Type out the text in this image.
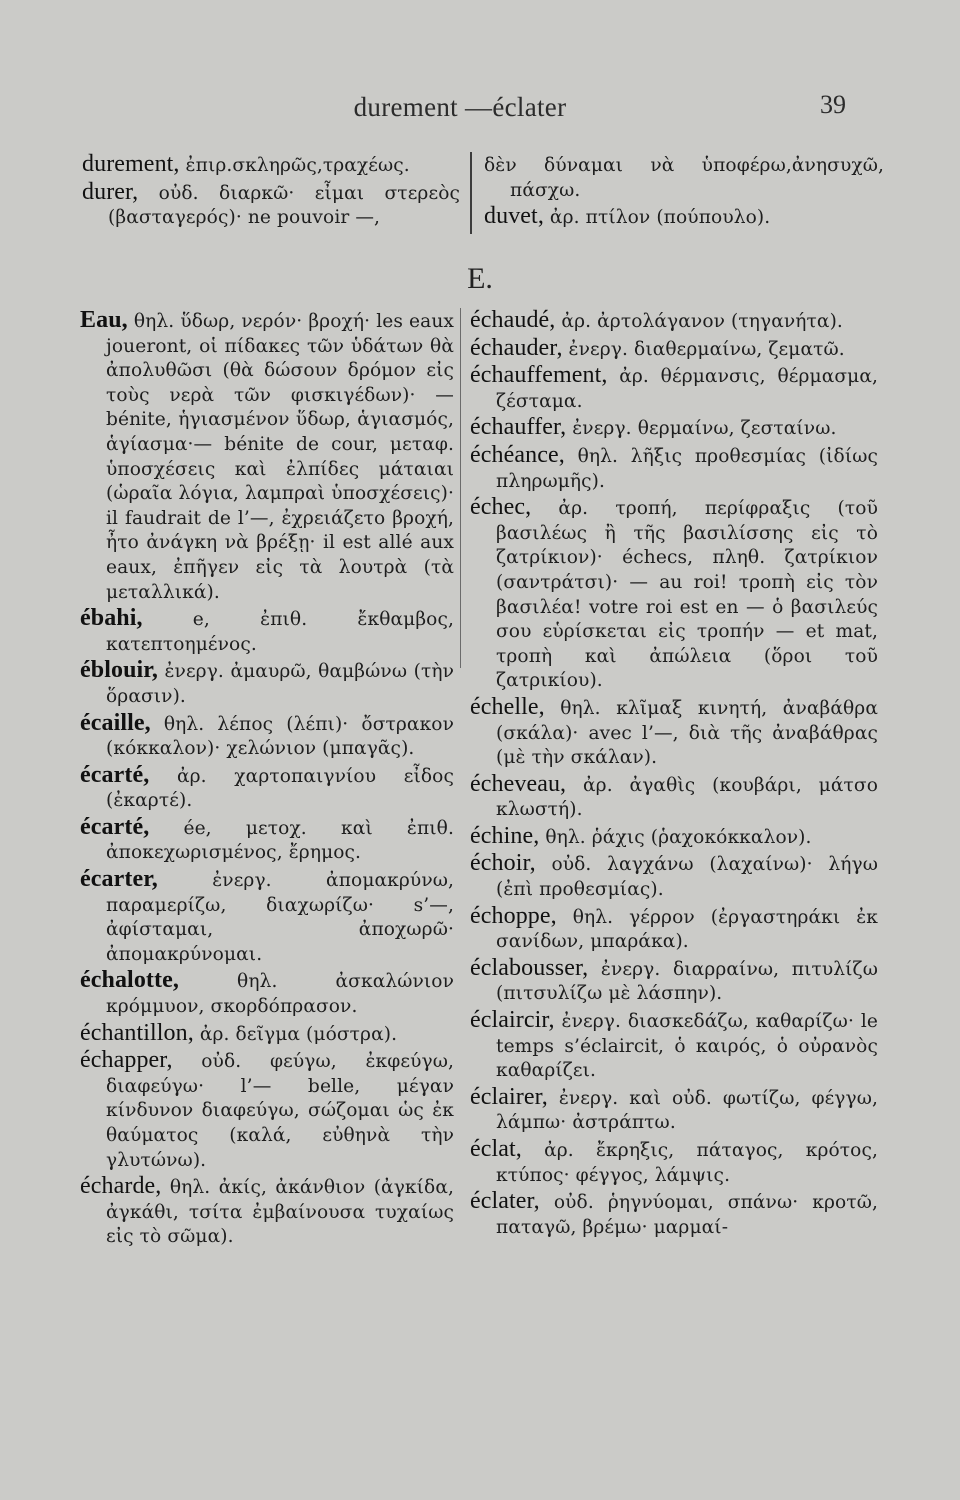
durement —éclater	39

durement, ἐπιρ.σκληρῶς,τραχέως.

durer, οὐδ. διαρκῶ· εἶμαι στερεὸς (βασταγερός)· ne pouvoir —,

δὲν δύναμαι νὰ ὑποφέρω,ἀνησυχῶ, πάσχω.

duvet, ἀρ. πτίλον (πούπουλο).

E.

Eau, θηλ. ὕδωρ, νερόν· βροχή· les eaux joueront, οἱ πίδακες τῶν ὑδάτων θὰ ἀπολυθῶσι (θὰ δώσουν δρόμον εἰς τοὺς νερὰ τῶν φισκιγέδων)· —bénite, ἡγιασμένον ὕδωρ, ἁγιασμός, ἁγίασμα·— bénite de cour, μεταφ. ὑποσχέσεις καὶ ἐλπίδες μάταιαι (ὡραῖα λόγια, λαμπραὶ ὑποσχέσεις)· il faudrait de l’—, ἐχρειάζετο βροχή, ἦτο ἀνάγκη νὰ βρέξῃ· il est allé aux eaux, ἐπῆγεν εἰς τὰ λουτρὰ (τὰ μεταλλικά).

ébahi, e, ἐπιθ. ἔκθαμβος, κατεπτοημένος.

éblouir, ἐνεργ. ἀμαυρῶ, θαμβώνω (τὴν ὅρασιν).

écaille, θηλ. λέπος (λέπι)· ὄστρακον (κόκκαλον)· χελώνιον (μπαγᾶς).

écarté, ἀρ. χαρτοπαιγνίου εἶδος (ἐκαρτέ).

écarté, ée, μετοχ. καὶ ἐπιθ. ἀποκεχωρισμένος, ἔρημος.

écarter, ἐνεργ. ἀπομακρύνω, παραμερίζω, διαχωρίζω· s’—, ἀφίσταμαι, ἀποχωρῶ· ἀπομακρύνομαι.

échalotte, θηλ. ἀσκαλώνιον κρόμμυον, σκορδόπρασον.

échantillon, ἀρ. δεῖγμα (μόστρα).

échapper, οὐδ. φεύγω, ἐκφεύγω, διαφεύγω· l’— belle, μέγαν κίνδυνον διαφεύγω, σώζομαι ὡς ἐκ θαύματος (καλά, εὐθηνὰ τὴν γλυτώνω).

écharde, θηλ. ἀκίς, ἀκάνθιον (ἀγκίδα, ἀγκάθι, τσίτα ἐμβαίνουσα τυχαίως εἰς τὸ σῶμα).

échaudé, ἀρ. ἀρτολάγανον (τηγανήτα).

échauder, ἐνεργ. διαθερμαίνω, ζεματῶ.

échauffement, ἀρ. θέρμανσις, θέρμασμα, ζέσταμα.

échauffer, ἐνεργ. θερμαίνω, ζεσταίνω.

échéance, θηλ. λῆξις προθεσμίας (ἰδίως πληρωμῆς).

échec, ἀρ. τροπή, περίφραξις (τοῦ βασιλέως ἢ τῆς βασιλίσσης εἰς τὸ ζατρίκιον)· échecs, πληθ. ζατρίκιον (σαντράτσι)· — au roi! τροπὴ εἰς τὸν βασιλέα! votre roi est en — ὁ βασιλεύς σου εὑρίσκεται εἰς τροπήν — et mat, τροπὴ καὶ ἀπώλεια (ὅροι τοῦ ζατρικίου).

échelle, θηλ. κλῖμαξ κινητή, ἀναβάθρα (σκάλα)· avec l’—, διὰ τῆς ἀναβάθρας (μὲ τὴν σκάλαν).

écheveau, ἀρ. ἀγαθὶς (κουβάρι, μάτσο κλωστή).

échine, θηλ. ῥάχις (ῥαχοκόκκαλον).

échoir, οὐδ. λαγχάνω (λαχαίνω)· λήγω (ἐπὶ προθεσμίας).

échoppe, θηλ. γέρρον (ἐργαστηράκι ἐκ σανίδων, μπαράκα).

éclabousser, ἐνεργ. διαρραίνω, πιτυλίζω (πιτσυλίζω μὲ λάσπην).

éclaircir, ἐνεργ. διασκεδάζω, καθαρίζω· le temps s’éclaircit, ὁ καιρός, ὁ οὐρανὸς καθαρίζει.

éclairer, ἐνεργ. καὶ οὐδ. φωτίζω, φέγγω, λάμπω· ἀστράπτω.

éclat, ἀρ. ἔκρηξις, πάταγος, κρότος, κτύπος· φέγγος, λάμψις.

éclater, οὐδ. ῥηγνύομαι, σπάνω· κροτῶ, παταγῶ, βρέμω· μαρμαί-
